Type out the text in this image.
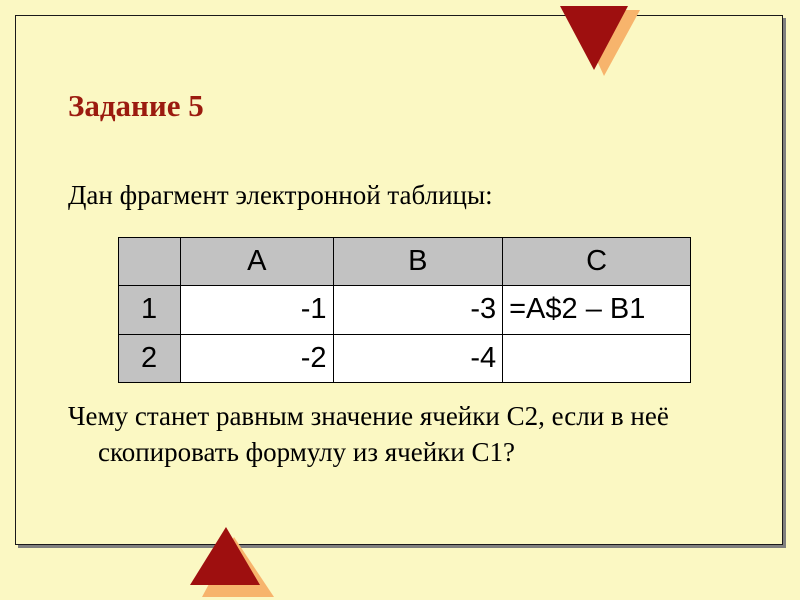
Задание 5

Дан фрагмент электронной таблицы:

	A	B	C
1	-1	-3	=A$2 – B1
2	-2	-4	

Чему станет равным значение ячейки С2, если в неё скопировать формулу из ячейки С1?
